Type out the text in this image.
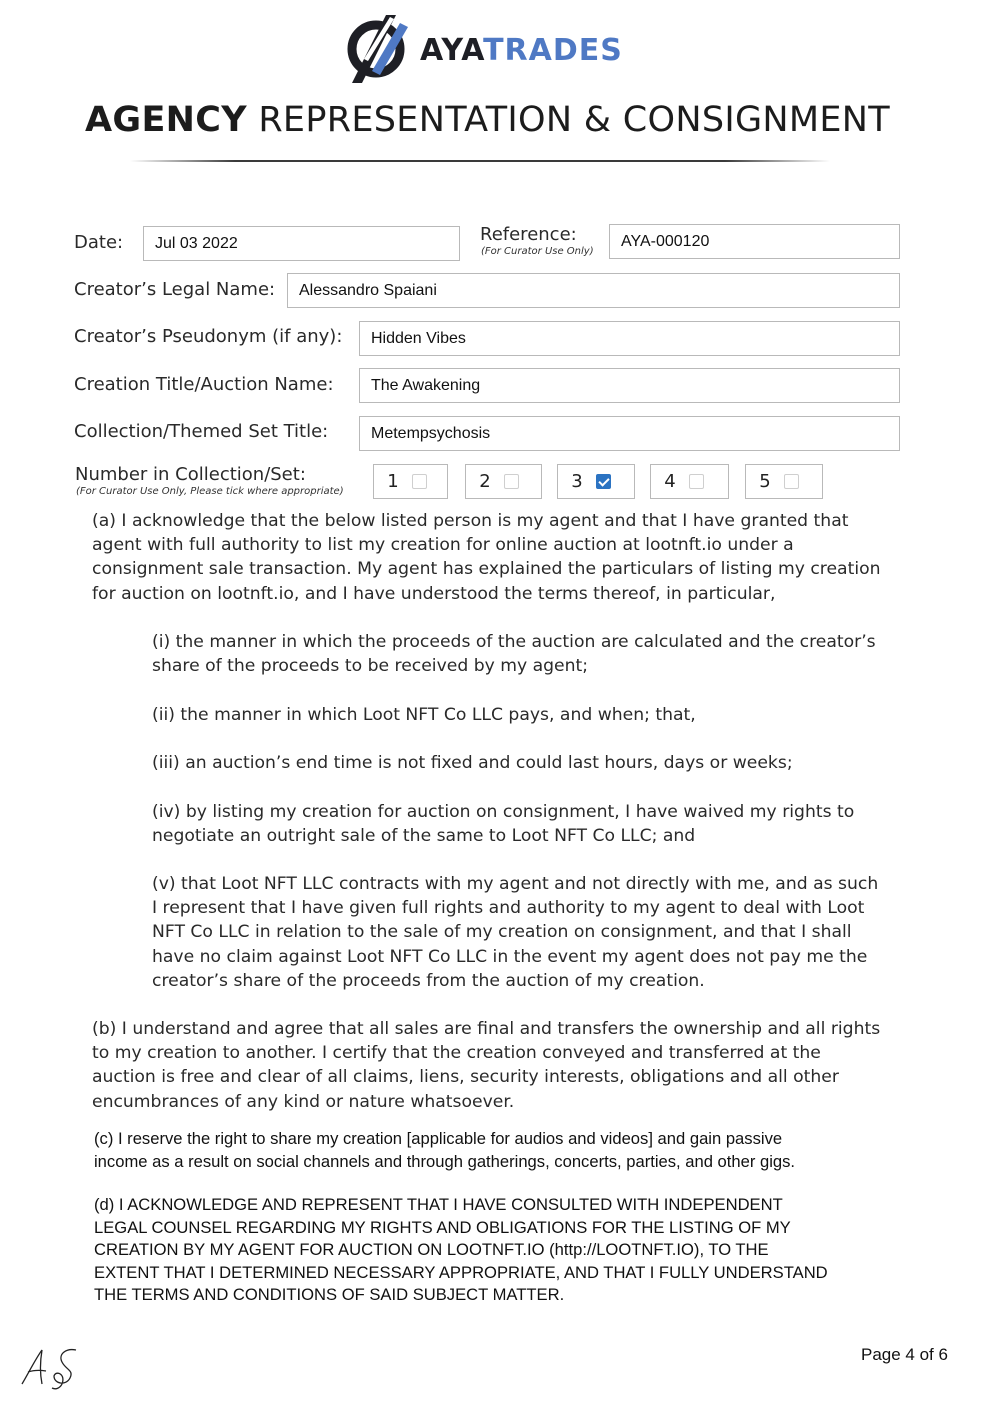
AYATRADES
AGENCY REPRESENTATION & CONSIGNMENT
Date:	Jul 03 2022	Reference:
(For Curator Use Only)
AYA-000120
Creator’s Legal Name:	Alessandro Spaiani
Creator’s Pseudonym (if any):	Hidden Vibes
Creation Title/Auction Name:	The Awakening
Collection/Themed Set Title:	Metempsychosis
Number in Collection/Set:
(For Curator Use Only, Please tick where appropriate)	1	2	3	4	5
(a) I acknowledge that the below listed person is my agent and that I have granted that
agent with full authority to list my creation for online auction at lootnft.io under a
consignment sale transaction. My agent has explained the particulars of listing my creation
for auction on lootnft.io, and I have understood the terms thereof, in particular,
(i) the manner in which the proceeds of the auction are calculated and the creator’s
share of the proceeds to be received by my agent;
(ii) the manner in which Loot NFT Co LLC pays, and when; that,
(iii) an auction’s end time is not fixed and could last hours, days or weeks;
(iv) by listing my creation for auction on consignment, I have waived my rights to
negotiate an outright sale of the same to Loot NFT Co LLC; and
(v) that Loot NFT LLC contracts with my agent and not directly with me, and as such
I represent that I have given full rights and authority to my agent to deal with Loot
NFT Co LLC in relation to the sale of my creation on consignment, and that I shall
have no claim against Loot NFT Co LLC in the event my agent does not pay me the
creator’s share of the proceeds from the auction of my creation.
(b) I understand and agree that all sales are final and transfers the ownership and all rights
to my creation to another. I certify that the creation conveyed and transferred at the
auction is free and clear of all claims, liens, security interests, obligations and all other
encumbrances of any kind or nature whatsoever.
(c) I reserve the right to share my creation [applicable for audios and videos] and gain passive
income as a result on social channels and through gatherings, concerts, parties, and other gigs.
(d) I ACKNOWLEDGE AND REPRESENT THAT I HAVE CONSULTED WITH INDEPENDENT
LEGAL COUNSEL REGARDING MY RIGHTS AND OBLIGATIONS FOR THE LISTING OF MY
CREATION BY MY AGENT FOR AUCTION ON LOOTNFT.IO (http://LOOTNFT.IO), TO THE
EXTENT THAT I DETERMINED NECESSARY APPROPRIATE, AND THAT I FULLY UNDERSTAND
THE TERMS AND CONDITIONS OF SAID SUBJECT MATTER.
Page 4 of 6
